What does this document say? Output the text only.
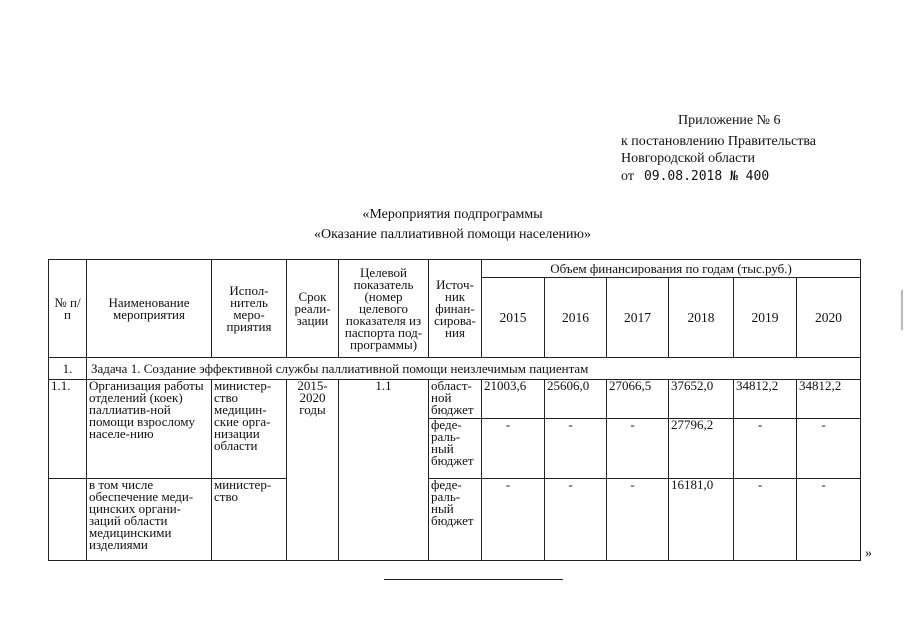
Приложение № 6
к постановлению Правительства
Новгородской области
от 09.08.2018 № 400
«Мероприятия подпрограммы
«Оказание паллиативной помощи населению»
№ п/п	Наименование мероприятия	Испол-нитель меро-приятия	Срок реали-зации	Целевой показатель (номер целевого показателя из паспорта под-программы)	Источ-ник финан-сирова-ния	Объем финансирования по годам (тыс.руб.)					
						2015	2016	2017	2018	2019	2020
1.	Задача 1. Создание эффективной службы паллиативной помощи неизлечимым пациентам										
1.1.	Организация работы отделений (коек) паллиатив-ной помощи взрослому населе-нию	министер-ство медицин-ские орга-низации области	2015-2020 годы	1.1	област-ной бюджет	21003,6	25606,0	27066,5	37652,0	34812,2	34812,2
					феде-раль-ный бюджет	-	-	-	27796,2	-	-
	в том числе обеспечение меди-цинских органи-заций области медицинскими изделиями	министер-ство			феде-раль-ный бюджет	-	-	-	16181,0	-	-
»
